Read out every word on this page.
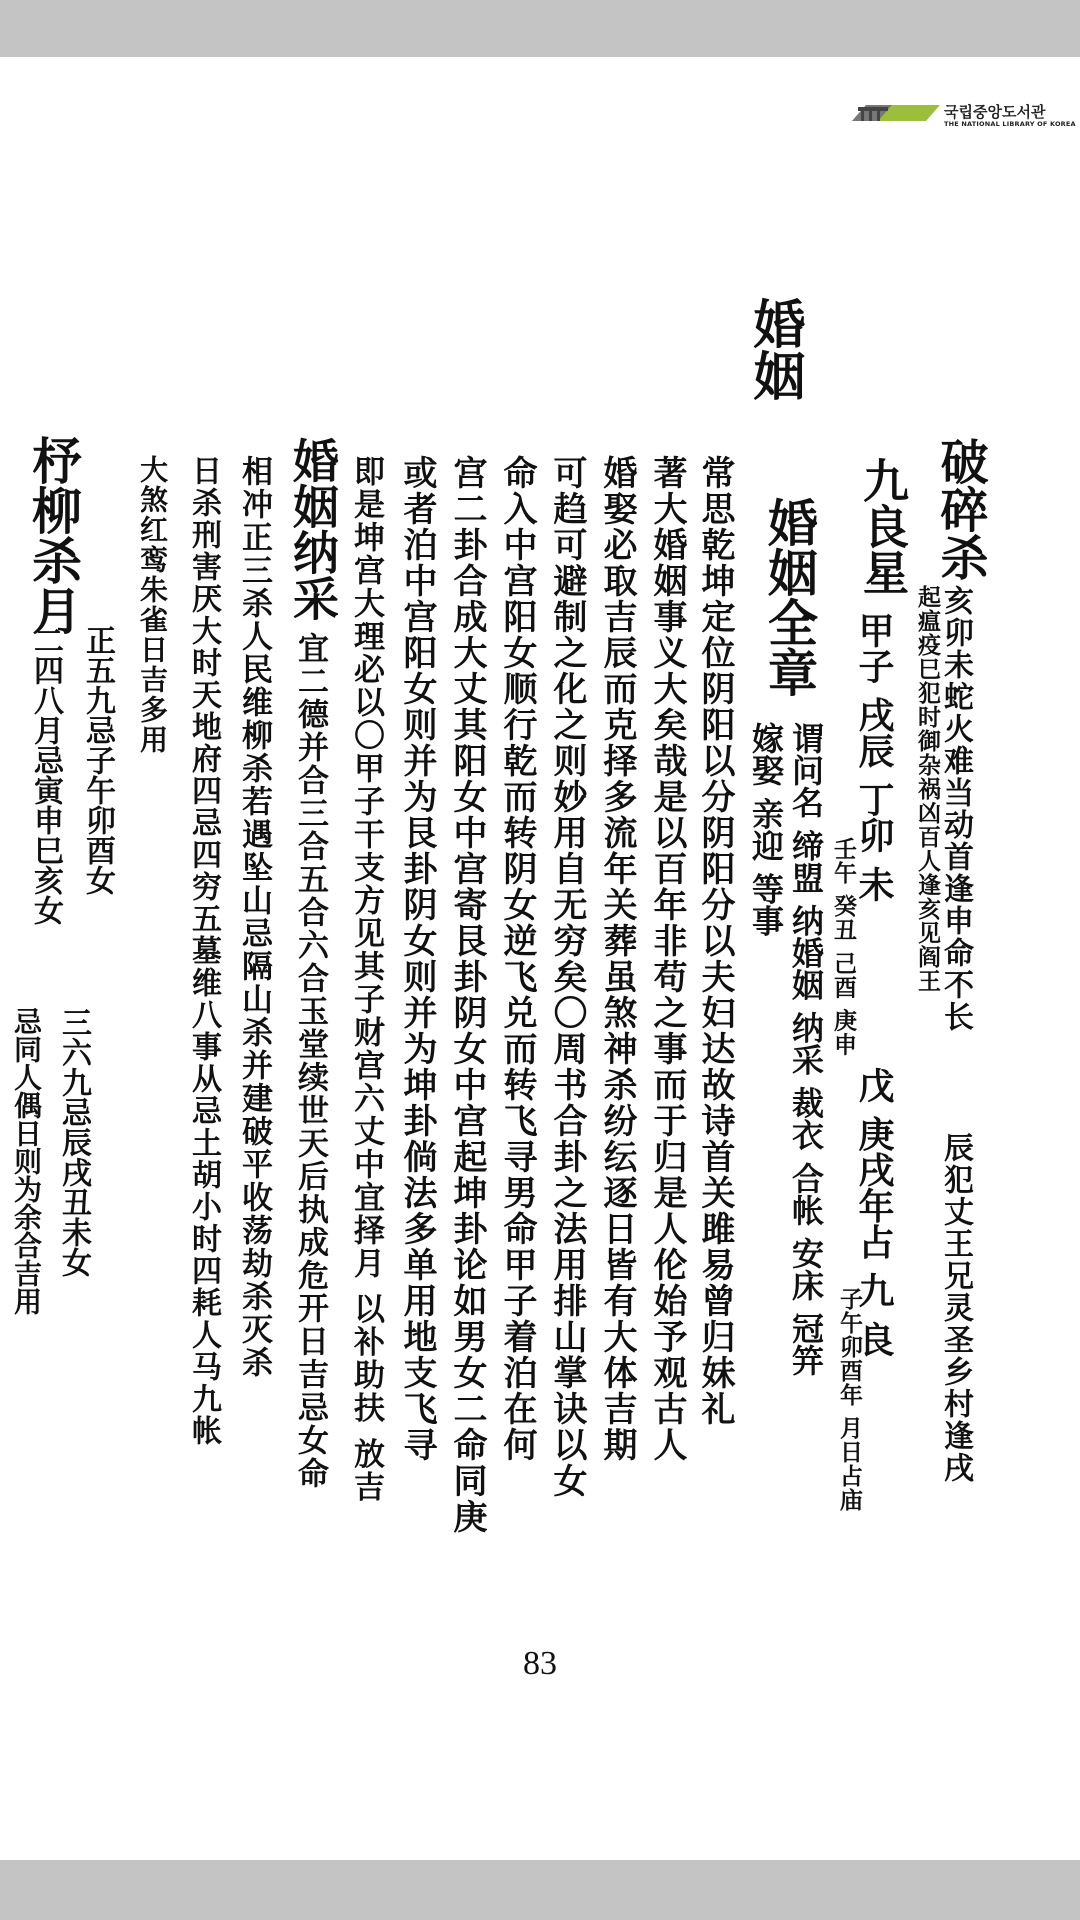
국립중앙도서관
THE NATIONAL LIBRARY OF KOREA
婚姻
破碎杀
亥卯未蛇火难当动首逢申命不长
起瘟疫巳犯时御杂祸凶百人逢亥见阎王
辰犯丈王兄灵圣乡村逢戌
九良星
甲子 戌辰 丁卯 未
壬午 癸丑 己酉 庚申
戊 庚戌年占 九 良
子午卯酉年 月日占庙
婚姻全章
谓问名 缔盟 纳婚姻 纳采 裁衣 合帐 安床 冠笄
嫁娶 亲迎 等事
常思乾坤定位阴阳以分阴阳分以夫妇达故诗首关雎易曾归妹礼
著大婚姻事义大矣哉是以百年非苟之事而于归是人伦始予观古人
婚娶必取吉辰而克择多流年关葬虽煞神杀纷纭逐日皆有大体吉期
可趋可避制之化之则妙用自无穷矣〇周书合卦之法用排山掌诀以女
命入中宫阳女顺行乾而转阴女逆飞兑而转飞寻男命甲子着泊在何
宫二卦合成大丈其阳女中宫寄艮卦阴女中宫起坤卦论如男女二命同庚
或者泊中宫阳女则并为艮卦阴女则并为坤卦倘法多单用地支飞寻
即是坤宫大理必以〇甲子干支方见其子财宫六丈中宜择月 以补助扶 放吉
婚姻纳采
宜二德并合三合五合六合玉堂续世天后执成危开日吉忌女命
相冲正三杀人民维柳杀若遇坠山忌隔山杀并建破平收荡劫杀灭杀
日杀刑害厌大时天地府四忌四穷五墓维八事从忌土胡小时四耗人马九帐
大煞红鸾朱雀日吉多用
杼柳杀月
正五九忌子午卯酉女
二四八月忌寅申巳亥女
三六九忌辰戌丑未女
忌同人偶日则为余合吉用
83
